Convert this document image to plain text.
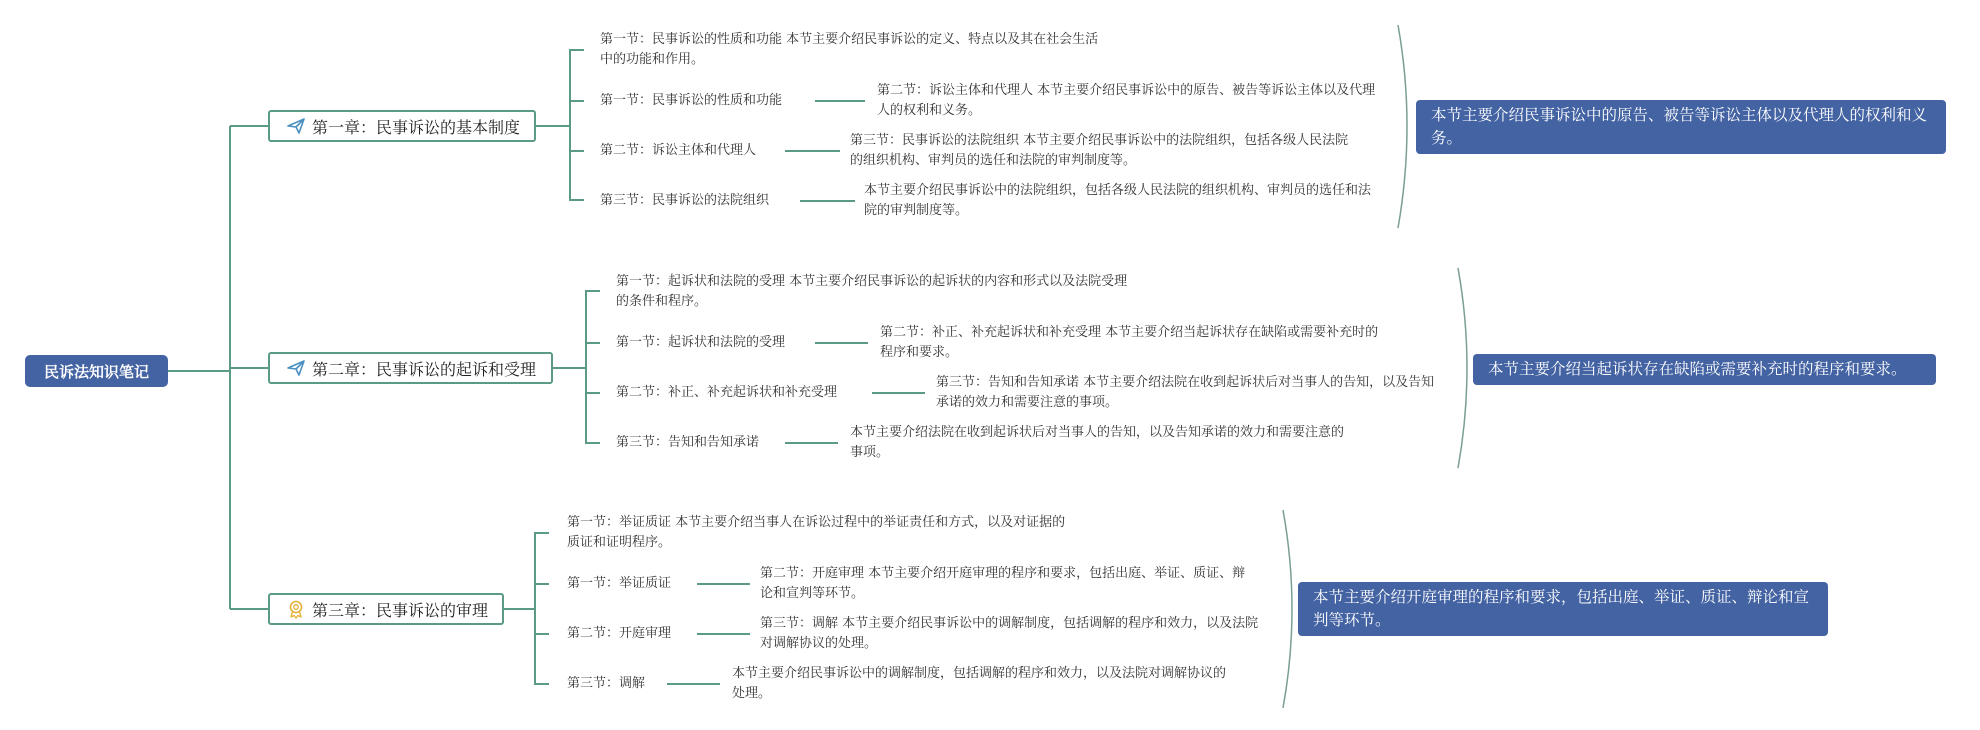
民诉法知识笔记
第一章：民事诉讼的基本制度
第一节：民事诉讼的性质和功能 本节主要介绍民事诉讼的定义、特点以及其在社会生活中的功能和作用。
第一节：民事诉讼的性质和功能
第二节：诉讼主体和代理人 本节主要介绍民事诉讼中的原告、被告等诉讼主体以及代理人的权利和义务。
第二节：诉讼主体和代理人
第三节：民事诉讼的法院组织 本节主要介绍民事诉讼中的法院组织，包括各级人民法院的组织机构、审判员的选任和法院的审判制度等。
第三节：民事诉讼的法院组织
本节主要介绍民事诉讼中的法院组织，包括各级人民法院的组织机构、审判员的选任和法院的审判制度等。
本节主要介绍民事诉讼中的原告、被告等诉讼主体以及代理人的权利和义务。
第二章：民事诉讼的起诉和受理
第一节：起诉状和法院的受理 本节主要介绍民事诉讼的起诉状的内容和形式以及法院受理的条件和程序。
第一节：起诉状和法院的受理
第二节：补正、补充起诉状和补充受理 本节主要介绍当起诉状存在缺陷或需要补充时的程序和要求。
第二节：补正、补充起诉状和补充受理
第三节：告知和告知承诺 本节主要介绍法院在收到起诉状后对当事人的告知，以及告知承诺的效力和需要注意的事项。
第三节：告知和告知承诺
本节主要介绍法院在收到起诉状后对当事人的告知，以及告知承诺的效力和需要注意的事项。
本节主要介绍当起诉状存在缺陷或需要补充时的程序和要求。
第三章：民事诉讼的审理
第一节：举证质证 本节主要介绍当事人在诉讼过程中的举证责任和方式，以及对证据的质证和证明程序。
第一节：举证质证
第二节：开庭审理 本节主要介绍开庭审理的程序和要求，包括出庭、举证、质证、辩论和宣判等环节。
第二节：开庭审理
第三节：调解 本节主要介绍民事诉讼中的调解制度，包括调解的程序和效力，以及法院对调解协议的处理。
第三节：调解
本节主要介绍民事诉讼中的调解制度，包括调解的程序和效力，以及法院对调解协议的处理。
本节主要介绍开庭审理的程序和要求，包括出庭、举证、质证、辩论和宣判等环节。
